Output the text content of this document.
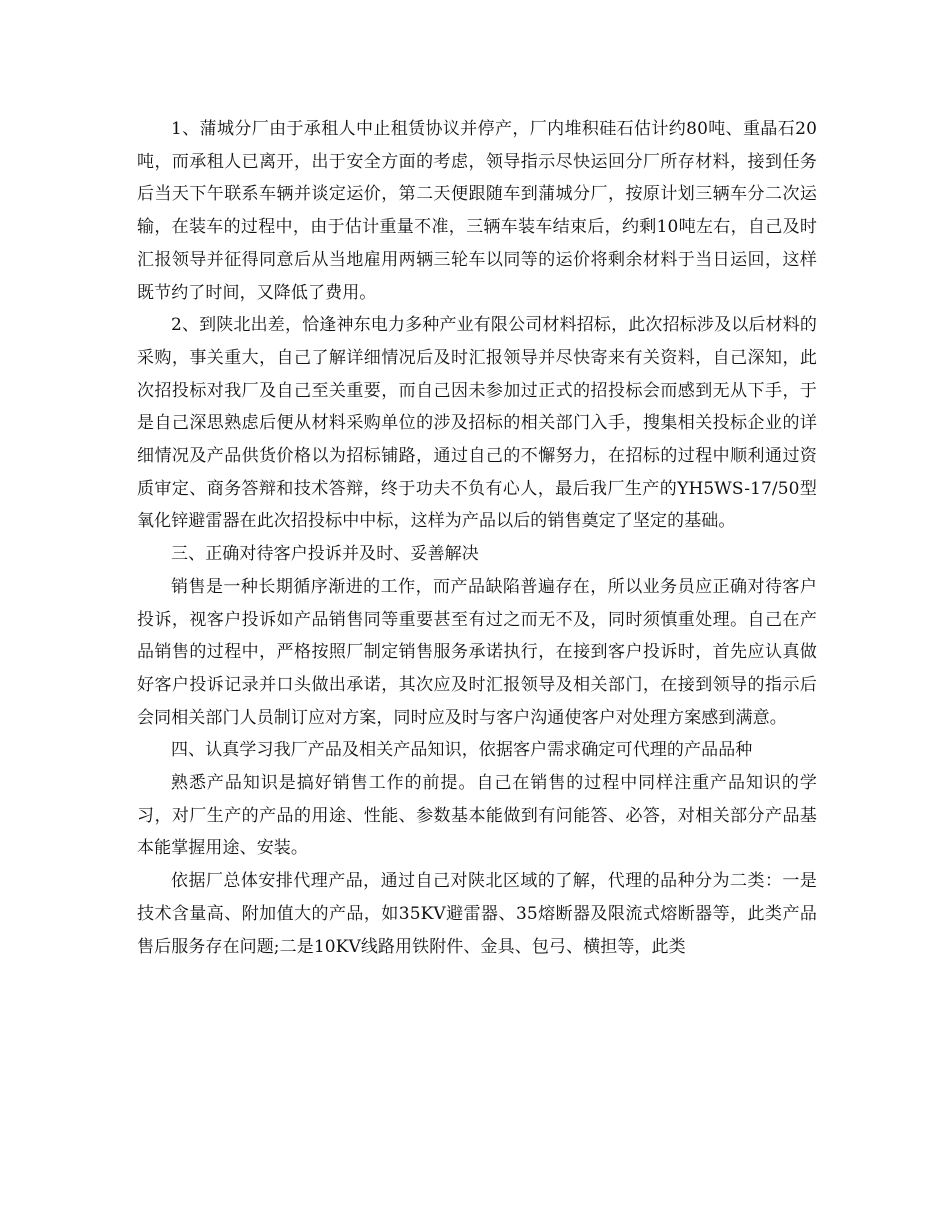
1、蒲城分厂由于承租人中止租赁协议并停产，厂内堆积硅石估计约80吨、重晶石20吨，而承租人已离开，出于安全方面的考虑，领导指示尽快运回分厂所存材料，接到任务后当天下午联系车辆并谈定运价，第二天便跟随车到蒲城分厂，按原计划三辆车分二次运输，在装车的过程中，由于估计重量不准，三辆车装车结束后，约剩10吨左右，自己及时汇报领导并征得同意后从当地雇用两辆三轮车以同等的运价将剩余材料于当日运回，这样既节约了时间，又降低了费用。

2、到陕北出差，恰逢神东电力多种产业有限公司材料招标，此次招标涉及以后材料的采购，事关重大，自己了解详细情况后及时汇报领导并尽快寄来有关资料，自己深知，此次招投标对我厂及自己至关重要，而自己因未参加过正式的招投标会而感到无从下手，于是自己深思熟虑后便从材料采购单位的涉及招标的相关部门入手，搜集相关投标企业的详细情况及产品供货价格以为招标铺路，通过自己的不懈努力，在招标的过程中顺利通过资质审定、商务答辩和技术答辩，终于功夫不负有心人，最后我厂生产的YH5WS-17/50型氧化锌避雷器在此次招投标中中标，这样为产品以后的销售奠定了坚定的基础。

三、正确对待客户投诉并及时、妥善解决

销售是一种长期循序渐进的工作，而产品缺陷普遍存在，所以业务员应正确对待客户投诉，视客户投诉如产品销售同等重要甚至有过之而无不及，同时须慎重处理。自己在产品销售的过程中，严格按照厂制定销售服务承诺执行，在接到客户投诉时，首先应认真做好客户投诉记录并口头做出承诺，其次应及时汇报领导及相关部门，在接到领导的指示后会同相关部门人员制订应对方案，同时应及时与客户沟通使客户对处理方案感到满意。

四、认真学习我厂产品及相关产品知识，依据客户需求确定可代理的产品品种

熟悉产品知识是搞好销售工作的前提。自己在销售的过程中同样注重产品知识的学习，对厂生产的产品的用途、性能、参数基本能做到有问能答、必答，对相关部分产品基本能掌握用途、安装。

依据厂总体安排代理产品，通过自己对陕北区域的了解，代理的品种分为二类：一是技术含量高、附加值大的产品，如35KV避雷器、35熔断器及限流式熔断器等，此类产品售后服务存在问题;二是10KV线路用铁附件、金具、包弓、横担等，此类
